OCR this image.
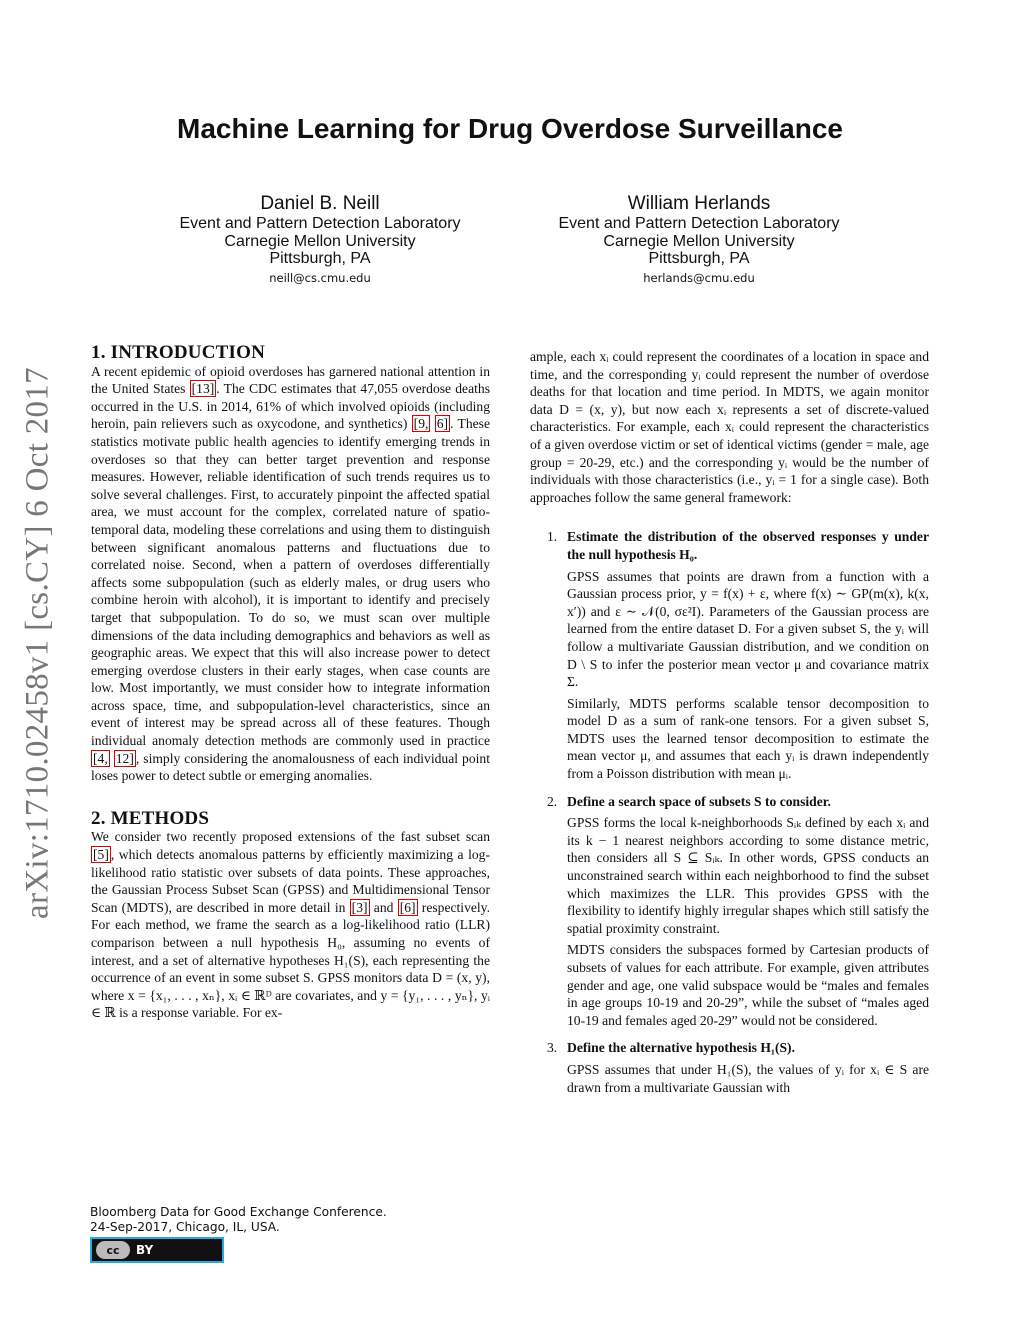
arXiv:1710.02458v1 [cs.CY] 6 Oct 2017
Machine Learning for Drug Overdose Surveillance
Daniel B. Neill
Event and Pattern Detection Laboratory
Carnegie Mellon University
Pittsburgh, PA
neill@cs.cmu.edu
William Herlands
Event and Pattern Detection Laboratory
Carnegie Mellon University
Pittsburgh, PA
herlands@cmu.edu
1. INTRODUCTION

A recent epidemic of opioid overdoses has garnered national attention in the United States [13] . The CDC estimates that 47,055 overdose deaths occurred in the U.S. in 2014, 61% of which involved opioids (including heroin, pain relievers such as oxycodone, and synthetics) [9, 6] . These statistics motivate public health agencies to identify emerging trends in overdoses so that they can better target prevention and response measures. However, reliable identification of such trends requires us to solve several challenges. First, to accurately pinpoint the affected spatial area, we must account for the complex, correlated nature of spatio-temporal data, modeling these correlations and using them to distinguish between significant anomalous patterns and fluctuations due to correlated noise. Second, when a pattern of overdoses differentially affects some subpopulation (such as elderly males, or drug users who combine heroin with alcohol), it is important to identify and precisely target that subpopulation. To do so, we must scan over multiple dimensions of the data including demographics and behaviors as well as geographic areas. We expect that this will also increase power to detect emerging overdose clusters in their early stages, when case counts are low. Most importantly, we must consider how to integrate information across space, time, and subpopulation-level characteristics, since an event of interest may be spread across all of these features. Though individual anomaly detection methods are commonly used in practice [4, 12] , simply considering the anomalousness of each individual point loses power to detect subtle or emerging anomalies.

2. METHODS

We consider two recently proposed extensions of the fast subset scan [5] , which detects anomalous patterns by efficiently maximizing a log-likelihood ratio statistic over subsets of data points. These approaches, the Gaussian Process Subset Scan (GPSS) and Multidimensional Tensor Scan (MDTS), are described in more detail in [3] and [6] respectively. For each method, we frame the search as a log-likelihood ratio (LLR) comparison between a null hypothesis H₀, assuming no events of interest, and a set of alternative hypotheses H₁(S), each representing the occurrence of an event in some subset S. GPSS monitors data D = (x, y), where x = {x₁, . . . , xₙ}, xᵢ ∈ ℝᴰ are covariates, and y = {y₁, . . . , yₙ}, yᵢ ∈ ℝ is a response variable. For ex-

ample, each xᵢ could represent the coordinates of a location in space and time, and the corresponding yᵢ could represent the number of overdose deaths for that location and time period. In MDTS, we again monitor data D = (x, y), but now each xᵢ represents a set of discrete-valued characteristics. For example, each xᵢ could represent the characteristics of a given overdose victim or set of identical victims (gender = male, age group = 20-29, etc.) and the corresponding yᵢ would be the number of individuals with those characteristics (i.e., yᵢ = 1 for a single case). Both approaches follow the same general framework:

1. Estimate the distribution of the observed responses y under the null hypothesis H₀.

GPSS assumes that points are drawn from a function with a Gaussian process prior, y = f(x) + ε, where f(x) ∼ GP(m(x), k(x, x′)) and ε ∼ 𝒩(0, σε²I). Parameters of the Gaussian process are learned from the entire dataset D. For a given subset S, the yᵢ will follow a multivariate Gaussian distribution, and we condition on D \ S to infer the posterior mean vector μ and covariance matrix Σ.

Similarly, MDTS performs scalable tensor decomposition to model D as a sum of rank-one tensors. For a given subset S, MDTS uses the learned tensor decomposition to estimate the mean vector μ, and assumes that each yᵢ is drawn independently from a Poisson distribution with mean μᵢ.

2. Define a search space of subsets S to consider.

GPSS forms the local k-neighborhoods Sᵢₖ defined by each xᵢ and its k − 1 nearest neighbors according to some distance metric, then considers all S ⊆ Sᵢₖ. In other words, GPSS conducts an unconstrained search within each neighborhood to find the subset which maximizes the LLR. This provides GPSS with the flexibility to identify highly irregular shapes which still satisfy the spatial proximity constraint.

MDTS considers the subspaces formed by Cartesian products of subsets of values for each attribute. For example, given attributes gender and age, one valid subspace would be “males and females in age groups 10-19 and 20-29”, while the subset of “males aged 10-19 and females aged 20-29” would not be considered.

3. Define the alternative hypothesis H₁(S).

GPSS assumes that under H₁(S), the values of yᵢ for xᵢ ∈ S are drawn from a multivariate Gaussian with

Bloomberg Data for Good Exchange Conference.
24-Sep-2017, Chicago, IL, USA.
cc	BY
